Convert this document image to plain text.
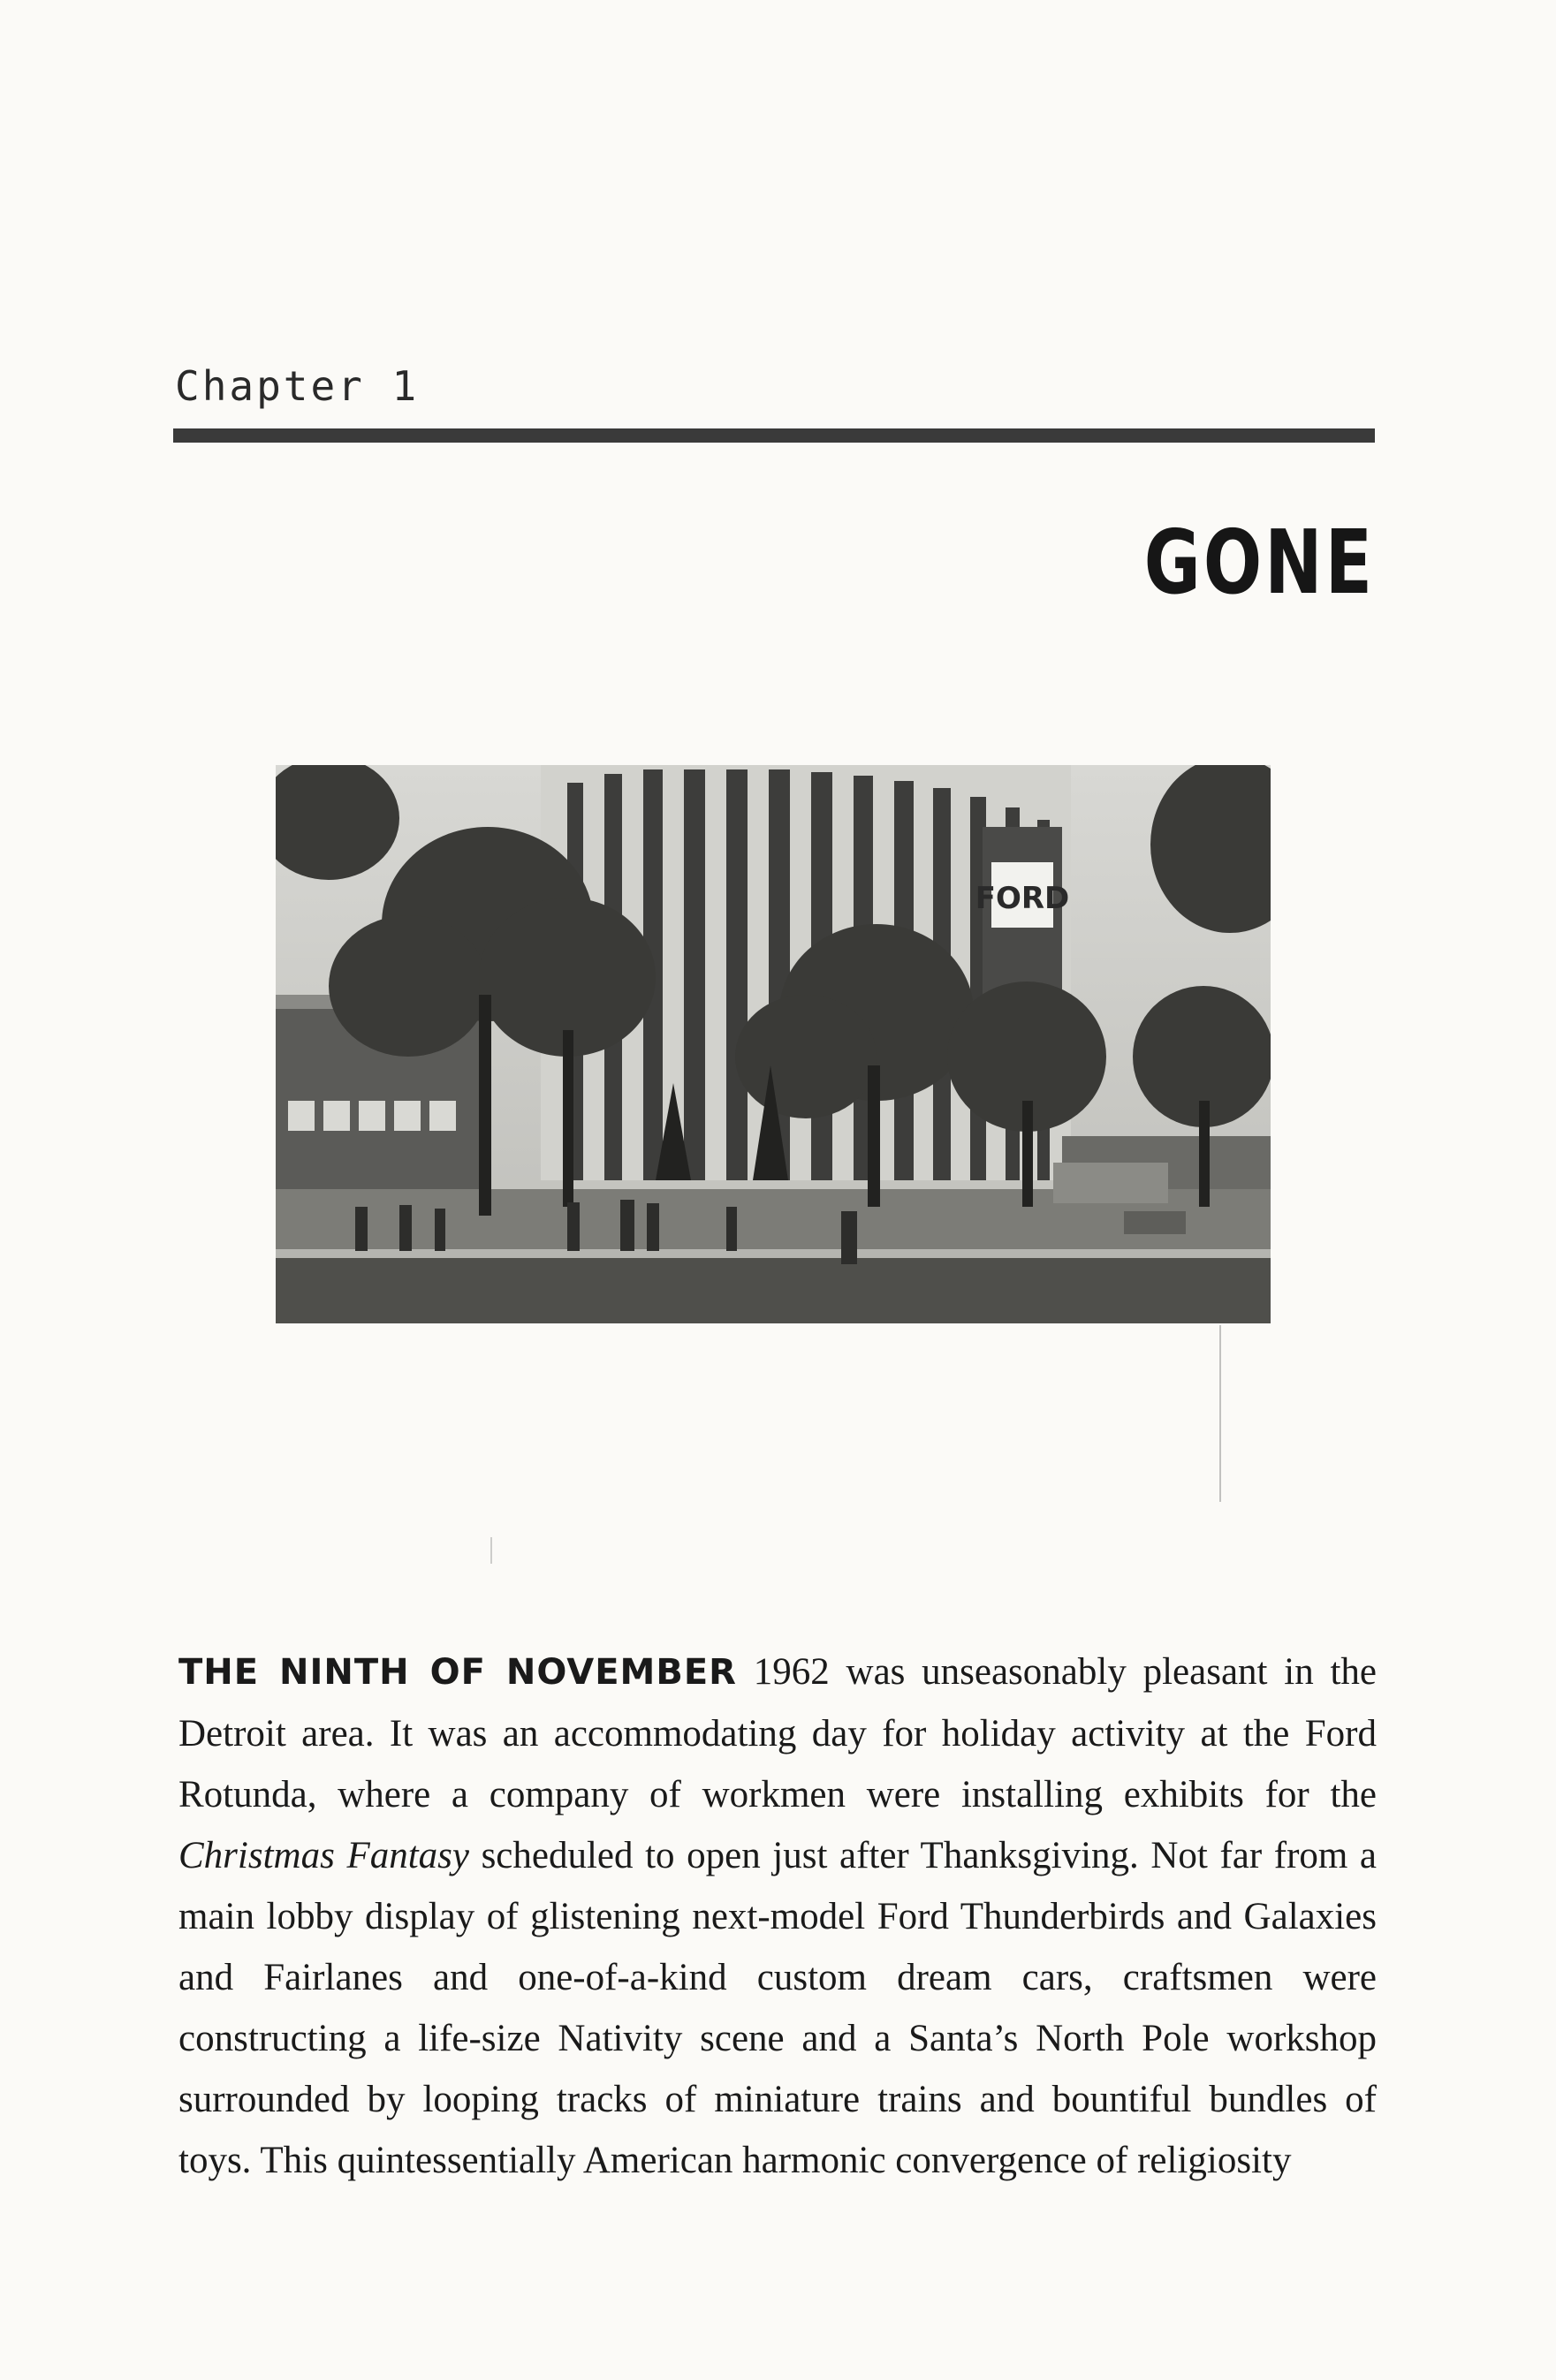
Chapter 1
GONE
FORD
THE NINTH OF NOVEMBER 1962 was unseasonably pleasant in the Detroit area. It was an accommodating day for holiday activity at the Ford Rotunda, where a company of workmen were installing exhibits for the Christmas Fantasy scheduled to open just after Thanksgiving. Not far from a main lobby display of glistening next-model Ford Thunderbirds and Galaxies and Fairlanes and one-of-a-kind custom dream cars, craftsmen were constructing a life-size Nativity scene and a Santa’s North Pole workshop surrounded by looping tracks of miniature trains and bountiful bundles of toys. This quintessentially American harmonic convergence of religiosity
